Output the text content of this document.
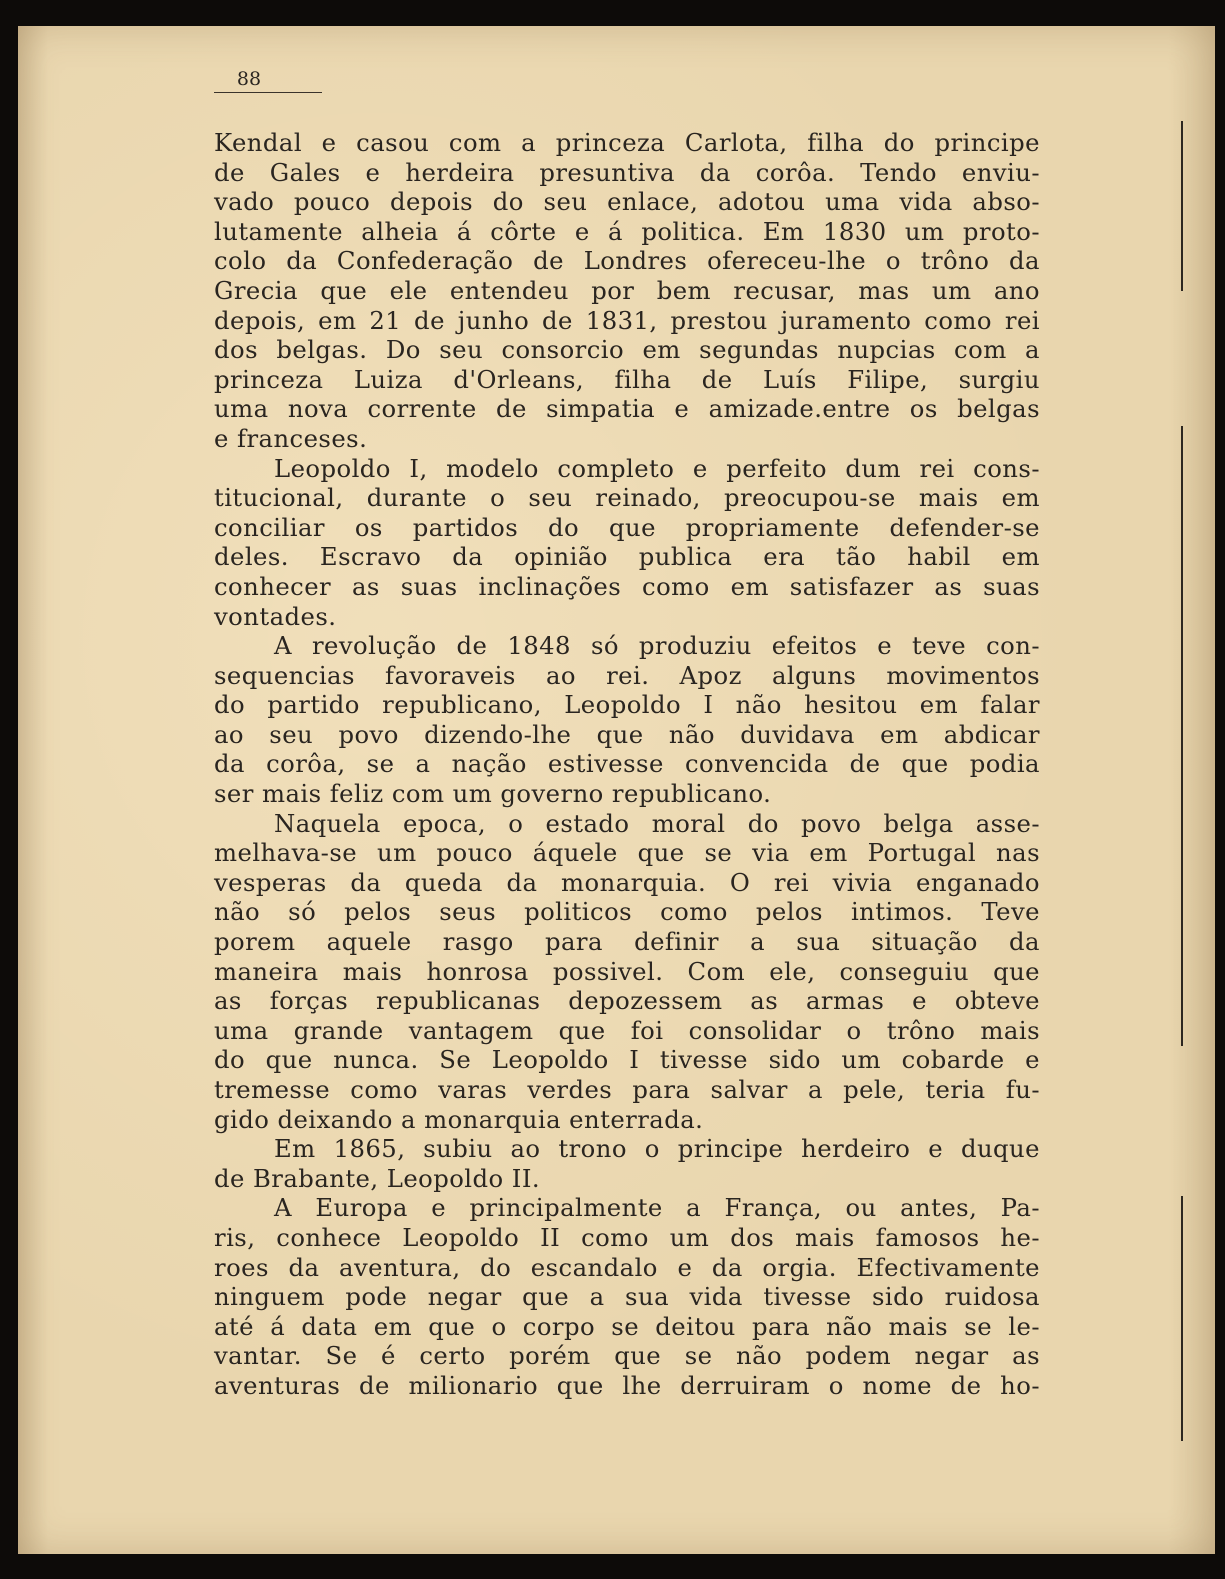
88
Kendal e casou com a princeza Carlota, filha do principe
de Gales e herdeira presuntiva da corôa. Tendo enviu-
vado pouco depois do seu enlace, adotou uma vida abso-
lutamente alheia á côrte e á politica. Em 1830 um proto-
colo da Confederação de Londres ofereceu-lhe o trôno da
Grecia que ele entendeu por bem recusar, mas um ano
depois, em 21 de junho de 1831, prestou juramento como rei
dos belgas. Do seu consorcio em segundas nupcias com a
princeza Luiza d'Orleans, filha de Luís Filipe, surgiu
uma nova corrente de simpatia e amizade.entre os belgas
e franceses.
Leopoldo I, modelo completo e perfeito dum rei cons-
titucional, durante o seu reinado, preocupou-se mais em
conciliar os partidos do que propriamente defender-se
deles. Escravo da opinião publica era tão habil em
conhecer as suas inclinações como em satisfazer as suas
vontades.
A revolução de 1848 só produziu efeitos e teve con-
sequencias favoraveis ao rei. Apoz alguns movimentos
do partido republicano, Leopoldo I não hesitou em falar
ao seu povo dizendo-lhe que não duvidava em abdicar
da corôa, se a nação estivesse convencida de que podia
ser mais feliz com um governo republicano.
Naquela epoca, o estado moral do povo belga asse-
melhava-se um pouco áquele que se via em Portugal nas
vesperas da queda da monarquia. O rei vivia enganado
não só pelos seus politicos como pelos intimos. Teve
porem aquele rasgo para definir a sua situação da
maneira mais honrosa possivel. Com ele, conseguiu que
as forças republicanas depozessem as armas e obteve
uma grande vantagem que foi consolidar o trôno mais
do que nunca. Se Leopoldo I tivesse sido um cobarde e
tremesse como varas verdes para salvar a pele, teria fu-
gido deixando a monarquia enterrada.
Em 1865, subiu ao trono o principe herdeiro e duque
de Brabante, Leopoldo II.
A Europa e principalmente a França, ou antes, Pa-
ris, conhece Leopoldo II como um dos mais famosos he-
roes da aventura, do escandalo e da orgia. Efectivamente
ninguem pode negar que a sua vida tivesse sido ruidosa
até á data em que o corpo se deitou para não mais se le-
vantar. Se é certo porém que se não podem negar as
aventuras de milionario que lhe derruiram o nome de ho-
